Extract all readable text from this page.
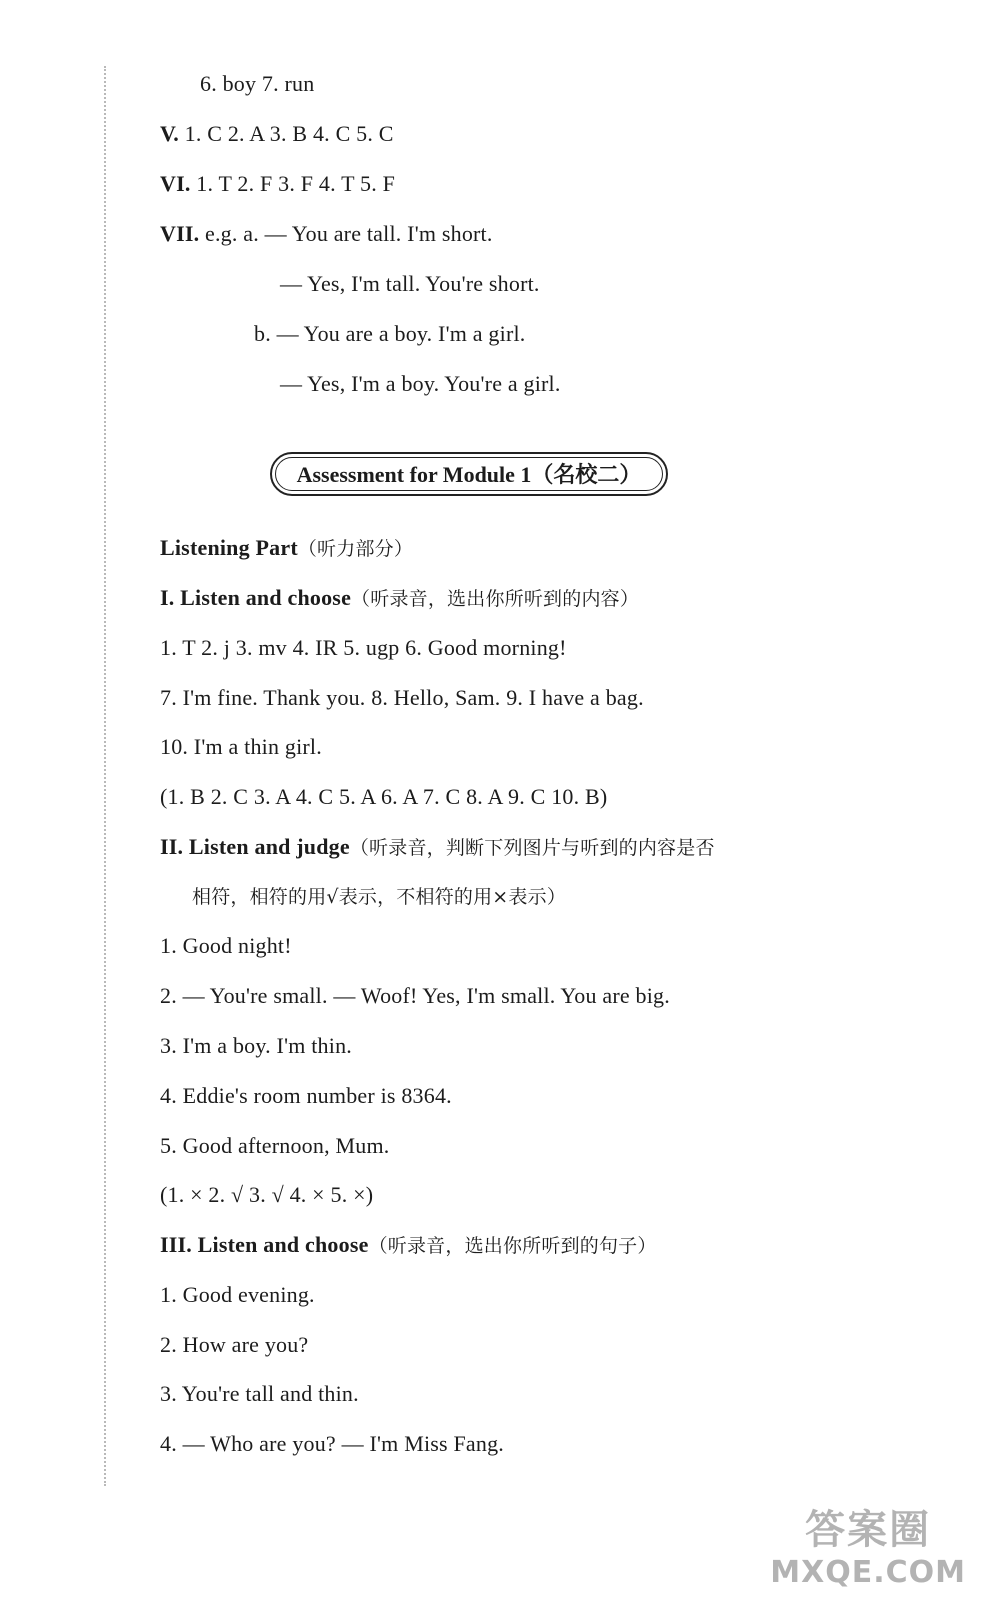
6. boy 7. run
V. 1. C 2. A 3. B 4. C 5. C
VI. 1. T 2. F 3. F 4. T 5. F
VII. e.g. a. — You are tall. I'm short.
— Yes, I'm tall. You're short.
b. — You are a boy. I'm a girl.
— Yes, I'm a boy. You're a girl.
Assessment for Module 1（名校二）
Listening Part（听力部分）
I. Listen and choose（听录音，选出你所听到的内容）
1. T 2. j 3. mv 4. IR 5. ugp 6. Good morning!
7. I'm fine. Thank you. 8. Hello, Sam. 9. I have a bag.
10. I'm a thin girl.
(1. B 2. C 3. A 4. C 5. A 6. A 7. C 8. A 9. C 10. B)
II. Listen and judge（听录音，判断下列图片与听到的内容是否
相符，相符的用√表示，不相符的用×表示）
1. Good night!
2. — You're small. — Woof! Yes, I'm small. You are big.
3. I'm a boy. I'm thin.
4. Eddie's room number is 8364.
5. Good afternoon, Mum.
(1. × 2. √ 3. √ 4. × 5. ×)
III. Listen and choose（听录音，选出你所听到的句子）
1. Good evening.
2. How are you?
3. You're tall and thin.
4. — Who are you? — I'm Miss Fang.
答案圈
MXQE.COM
